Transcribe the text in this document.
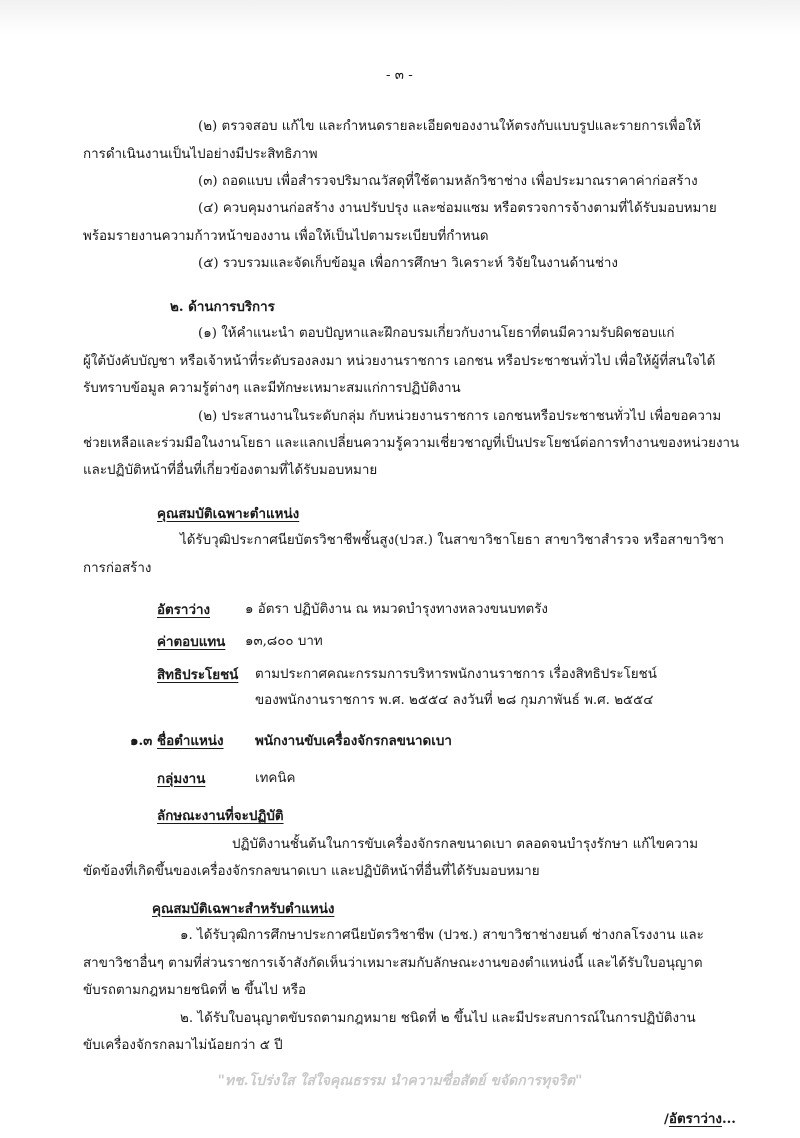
- ๓ -
(๒) ตรวจสอบ แก้ไข และกำหนดรายละเอียดของงานให้ตรงกับแบบรูปและรายการเพื่อให้
การดำเนินงานเป็นไปอย่างมีประสิทธิภาพ
(๓) ถอดแบบ เพื่อสำรวจปริมาณวัสดุที่ใช้ตามหลักวิชาช่าง เพื่อประมาณราคาค่าก่อสร้าง
(๔) ควบคุมงานก่อสร้าง งานปรับปรุง และซ่อมแซม หรือตรวจการจ้างตามที่ได้รับมอบหมาย
พร้อมรายงานความก้าวหน้าของงาน เพื่อให้เป็นไปตามระเบียบที่กำหนด
(๕) รวบรวมและจัดเก็บข้อมูล เพื่อการศึกษา วิเคราะห์ วิจัยในงานด้านช่าง
๒. ด้านการบริการ
(๑) ให้คำแนะนำ ตอบปัญหาและฝึกอบรมเกี่ยวกับงานโยธาที่ตนมีความรับผิดชอบแก่
ผู้ใต้บังคับบัญชา หรือเจ้าหน้าที่ระดับรองลงมา หน่วยงานราชการ เอกชน หรือประชาชนทั่วไป เพื่อให้ผู้ที่สนใจได้
รับทราบข้อมูล ความรู้ต่างๆ และมีทักษะเหมาะสมแก่การปฏิบัติงาน
(๒) ประสานงานในระดับกลุ่ม กับหน่วยงานราชการ เอกชนหรือประชาชนทั่วไป เพื่อขอความ
ช่วยเหลือและร่วมมือในงานโยธา และแลกเปลี่ยนความรู้ความเชี่ยวชาญที่เป็นประโยชน์ต่อการทำงานของหน่วยงาน
และปฏิบัติหน้าที่อื่นที่เกี่ยวข้องตามที่ได้รับมอบหมาย
คุณสมบัติเฉพาะตำแหน่ง
ได้รับวุฒิประกาศนียบัตรวิชาชีพชั้นสูง(ปวส.) ในสาขาวิชาโยธา สาขาวิชาสำรวจ หรือสาขาวิชา
การก่อสร้าง
อัตราว่าง	๑ อัตรา ปฏิบัติงาน ณ หมวดบำรุงทางหลวงขนบทตรัง
ค่าตอบแทน ๑๓,๘๐๐ บาท
สิทธิประโยชน์ ตามประกาศคณะกรรมการบริหารพนักงานราชการ เรื่องสิทธิประโยชน์
ของพนักงานราชการ พ.ศ. ๒๕๕๔ ลงวันที่ ๒๘ กุมภาพันธ์ พ.ศ. ๒๕๕๔
๑.๓ ชื่อตำแหน่ง พนักงานขับเครื่องจักรกลขนาดเบา
กลุ่มงาน	เทคนิค
ลักษณะงานที่จะปฏิบัติ
ปฏิบัติงานชั้นต้นในการขับเครื่องจักรกลขนาดเบา ตลอดจนบำรุงรักษา แก้ไขความ
ขัดข้องที่เกิดขึ้นของเครื่องจักรกลขนาดเบา และปฏิบัติหน้าที่อื่นที่ได้รับมอบหมาย
คุณสมบัติเฉพาะสำหรับตำแหน่ง
๑. ได้รับวุฒิการศึกษาประกาศนียบัตรวิชาชีพ (ปวช.) สาขาวิชาช่างยนต์ ช่างกลโรงงาน และ
สาขาวิชาอื่นๆ ตามที่ส่วนราชการเจ้าสังกัดเห็นว่าเหมาะสมกับลักษณะงานของตำแหน่งนี้ และได้รับใบอนุญาต
ขับรถตามกฎหมายชนิดที่ ๒ ขึ้นไป หรือ
๒. ได้รับใบอนุญาตขับรถตามกฎหมาย ชนิดที่ ๒ ขึ้นไป และมีประสบการณ์ในการปฏิบัติงาน
ขับเครื่องจักรกลมาไม่น้อยกว่า ๕ ปี
"ทช.โปร่งใส ใส่ใจคุณธรรม นำความซื่อสัตย์ ขจัดการทุจริต"
/อัตราว่าง...
